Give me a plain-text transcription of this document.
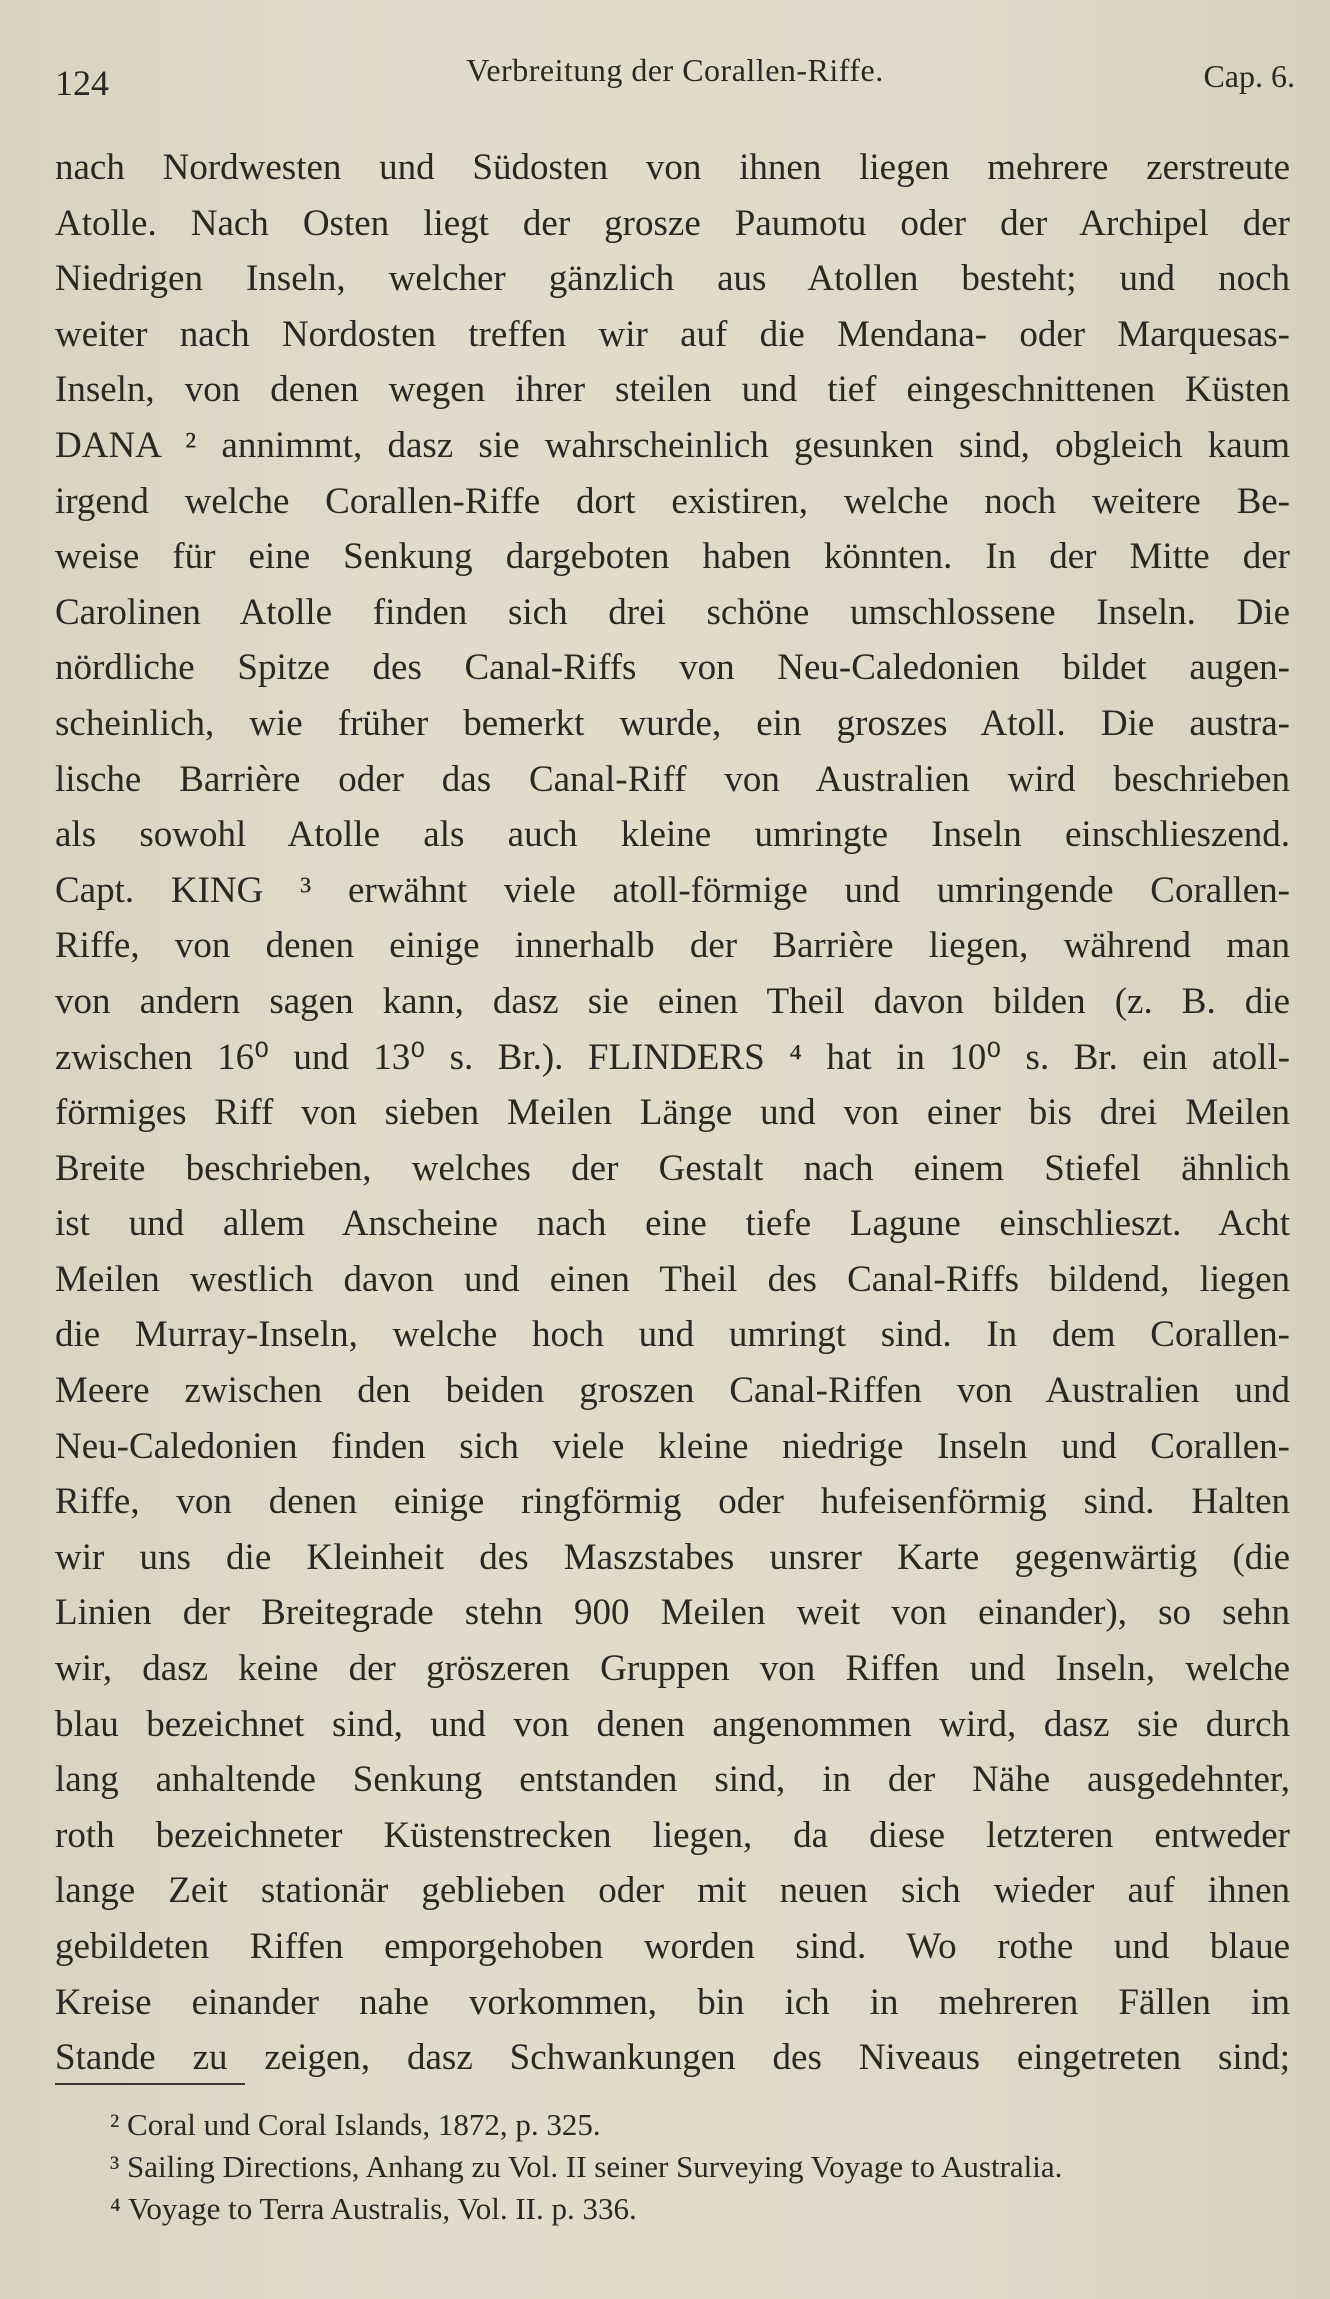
124	Verbreitung der Corallen-Riffe.	Cap. 6.
nach Nordwesten und Südosten von ihnen liegen mehrere zerstreute
Atolle. Nach Osten liegt der grosze Paumotu oder der Archipel der
Niedrigen Inseln, welcher gänzlich aus Atollen besteht; und noch
weiter nach Nordosten treffen wir auf die Mendana- oder Marquesas-
Inseln, von denen wegen ihrer steilen und tief eingeschnittenen Küsten
DANA ² annimmt, dasz sie wahrscheinlich gesunken sind, obgleich kaum
irgend welche Corallen-Riffe dort existiren, welche noch weitere Be-
weise für eine Senkung dargeboten haben könnten. In der Mitte der
Carolinen Atolle finden sich drei schöne umschlossene Inseln. Die
nördliche Spitze des Canal-Riffs von Neu-Caledonien bildet augen-
scheinlich, wie früher bemerkt wurde, ein groszes Atoll. Die austra-
lische Barrière oder das Canal-Riff von Australien wird beschrieben
als sowohl Atolle als auch kleine umringte Inseln einschlieszend.
Capt. KING ³ erwähnt viele atoll-förmige und umringende Corallen-
Riffe, von denen einige innerhalb der Barrière liegen, während man
von andern sagen kann, dasz sie einen Theil davon bilden (z. B. die
zwischen 16⁰ und 13⁰ s. Br.). FLINDERS ⁴ hat in 10⁰ s. Br. ein atoll-
förmiges Riff von sieben Meilen Länge und von einer bis drei Meilen
Breite beschrieben, welches der Gestalt nach einem Stiefel ähnlich
ist und allem Anscheine nach eine tiefe Lagune einschlieszt. Acht
Meilen westlich davon und einen Theil des Canal-Riffs bildend, liegen
die Murray-Inseln, welche hoch und umringt sind. In dem Corallen-
Meere zwischen den beiden groszen Canal-Riffen von Australien und
Neu-Caledonien finden sich viele kleine niedrige Inseln und Corallen-
Riffe, von denen einige ringförmig oder hufeisenförmig sind. Halten
wir uns die Kleinheit des Maszstabes unsrer Karte gegenwärtig (die
Linien der Breitegrade stehn 900 Meilen weit von einander), so sehn
wir, dasz keine der gröszeren Gruppen von Riffen und Inseln, welche
blau bezeichnet sind, und von denen angenommen wird, dasz sie durch
lang anhaltende Senkung entstanden sind, in der Nähe ausgedehnter,
roth bezeichneter Küstenstrecken liegen, da diese letzteren entweder
lange Zeit stationär geblieben oder mit neuen sich wieder auf ihnen
gebildeten Riffen emporgehoben worden sind. Wo rothe und blaue
Kreise einander nahe vorkommen, bin ich in mehreren Fällen im
Stande zu zeigen, dasz Schwankungen des Niveaus eingetreten sind;
² Coral und Coral Islands, 1872, p. 325.
³ Sailing Directions, Anhang zu Vol. II seiner Surveying Voyage to Australia.
⁴ Voyage to Terra Australis, Vol. II. p. 336.
